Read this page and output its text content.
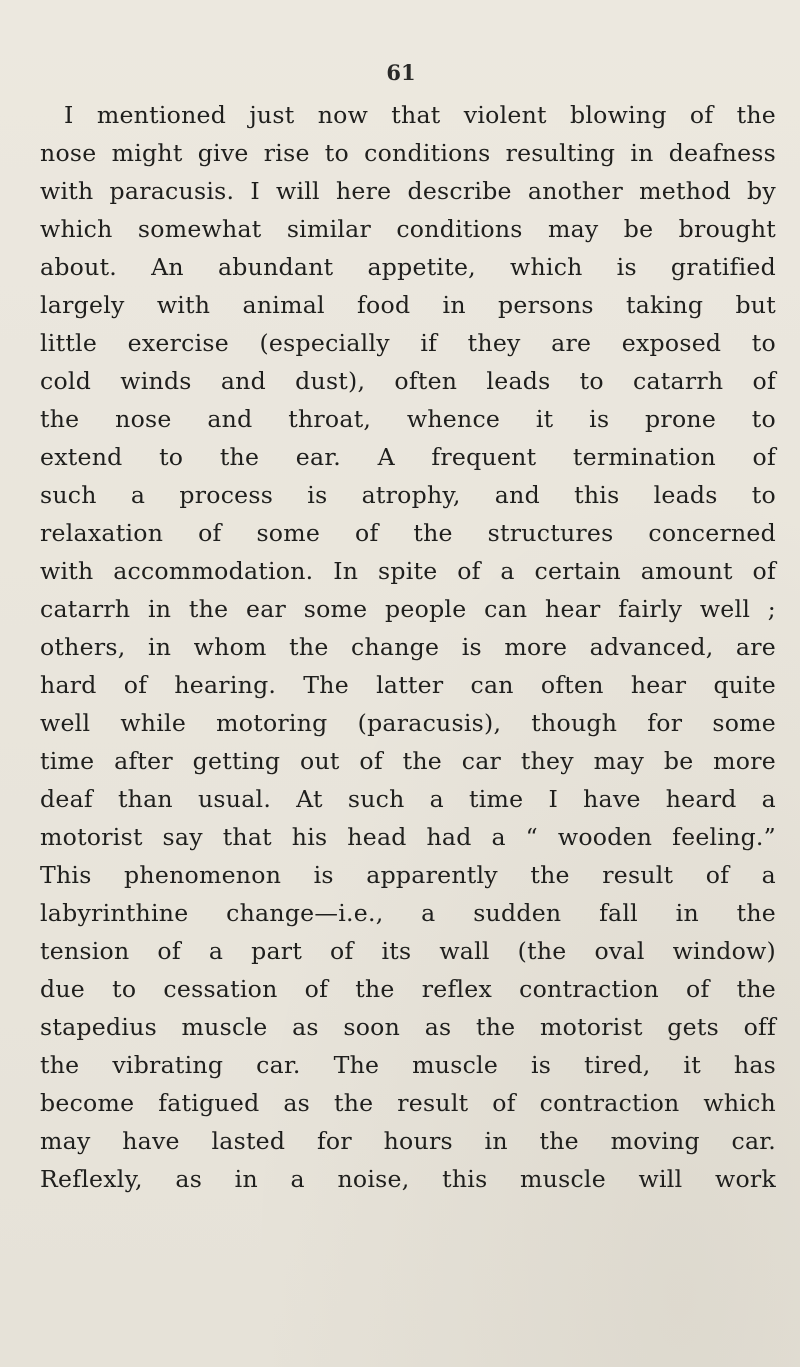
61
I mentioned just now that violent blowing of the
nose might give rise to conditions resulting in deafness
with paracusis. I will here describe another method by
which somewhat similar conditions may be brought
about. An abundant appetite, which is gratified
largely with animal food in persons taking but
little exercise (especially if they are exposed to
cold winds and dust), often leads to catarrh of
the nose and throat, whence it is prone to
extend to the ear. A frequent termination of
such a process is atrophy, and this leads to
relaxation of some of the structures concerned
with accommodation. In spite of a certain amount of
catarrh in the ear some people can hear fairly well ;
others, in whom the change is more advanced, are
hard of hearing. The latter can often hear quite
well while motoring (paracusis), though for some
time after getting out of the car they may be more
deaf than usual. At such a time I have heard a
motorist say that his head had a “ wooden feeling.”
This phenomenon is apparently the result of a
labyrinthine change—i.e., a sudden fall in the
tension of a part of its wall (the oval window)
due to cessation of the reflex contraction of the
stapedius muscle as soon as the motorist gets off
the vibrating car. The muscle is tired, it has
become fatigued as the result of contraction which
may have lasted for hours in the moving car.
Reflexly, as in a noise, this muscle will work
